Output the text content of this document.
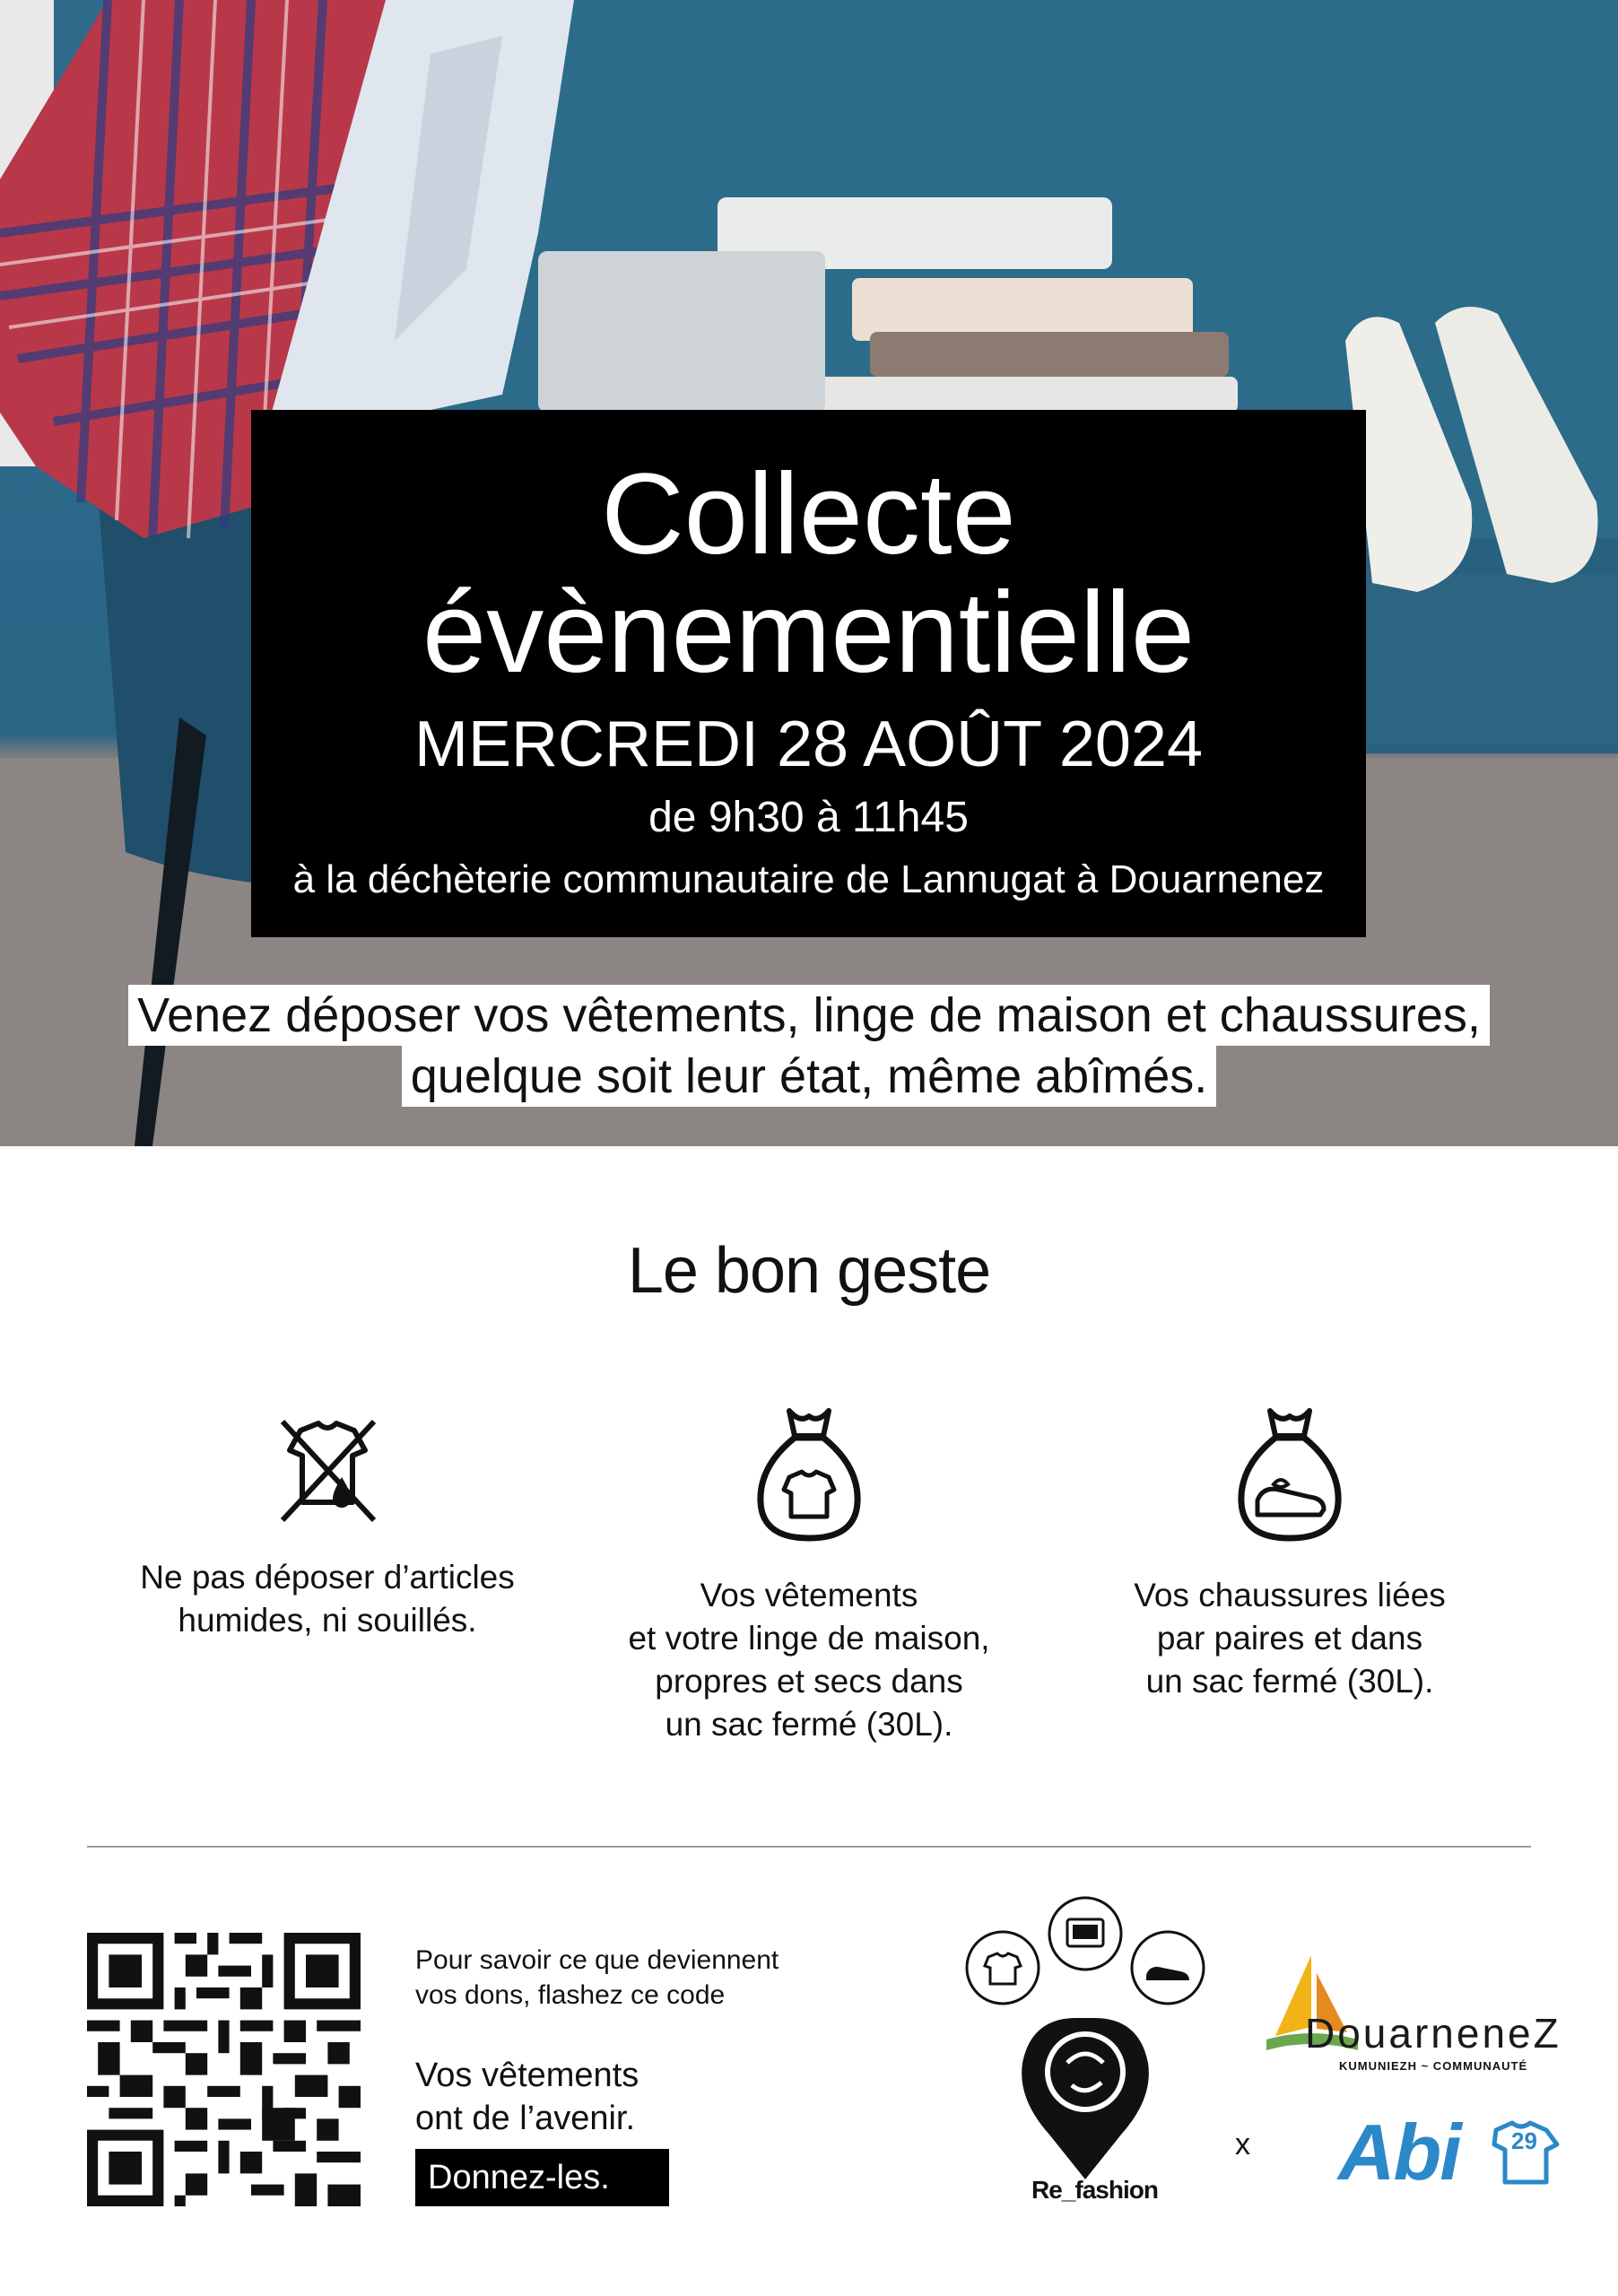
Collecte
évènementielle
MERCREDI 28 AOÛT 2024
de 9h30 à 11h45
à la déchèterie communautaire de Lannugat à Douarnenez
Venez déposer vos vêtements, linge de maison et chaussures,
quelque soit leur état, même abîmés.
Le bon geste
Ne pas déposer d’articles
humides, ni souillés.
Vos vêtements
et votre linge de maison,
propres et secs dans
un sac fermé (30L).
Vos chaussures liées
par paires et dans
un sac fermé (30L).
Pour savoir ce que deviennent
vos dons, flashez ce code
Vos vêtements
ont de l’avenir.
Donnez-les.	Re_fashion
x
DouarneneZ
KUMUNIEZH ~ COMMUNAUTÉ
Abi 29
